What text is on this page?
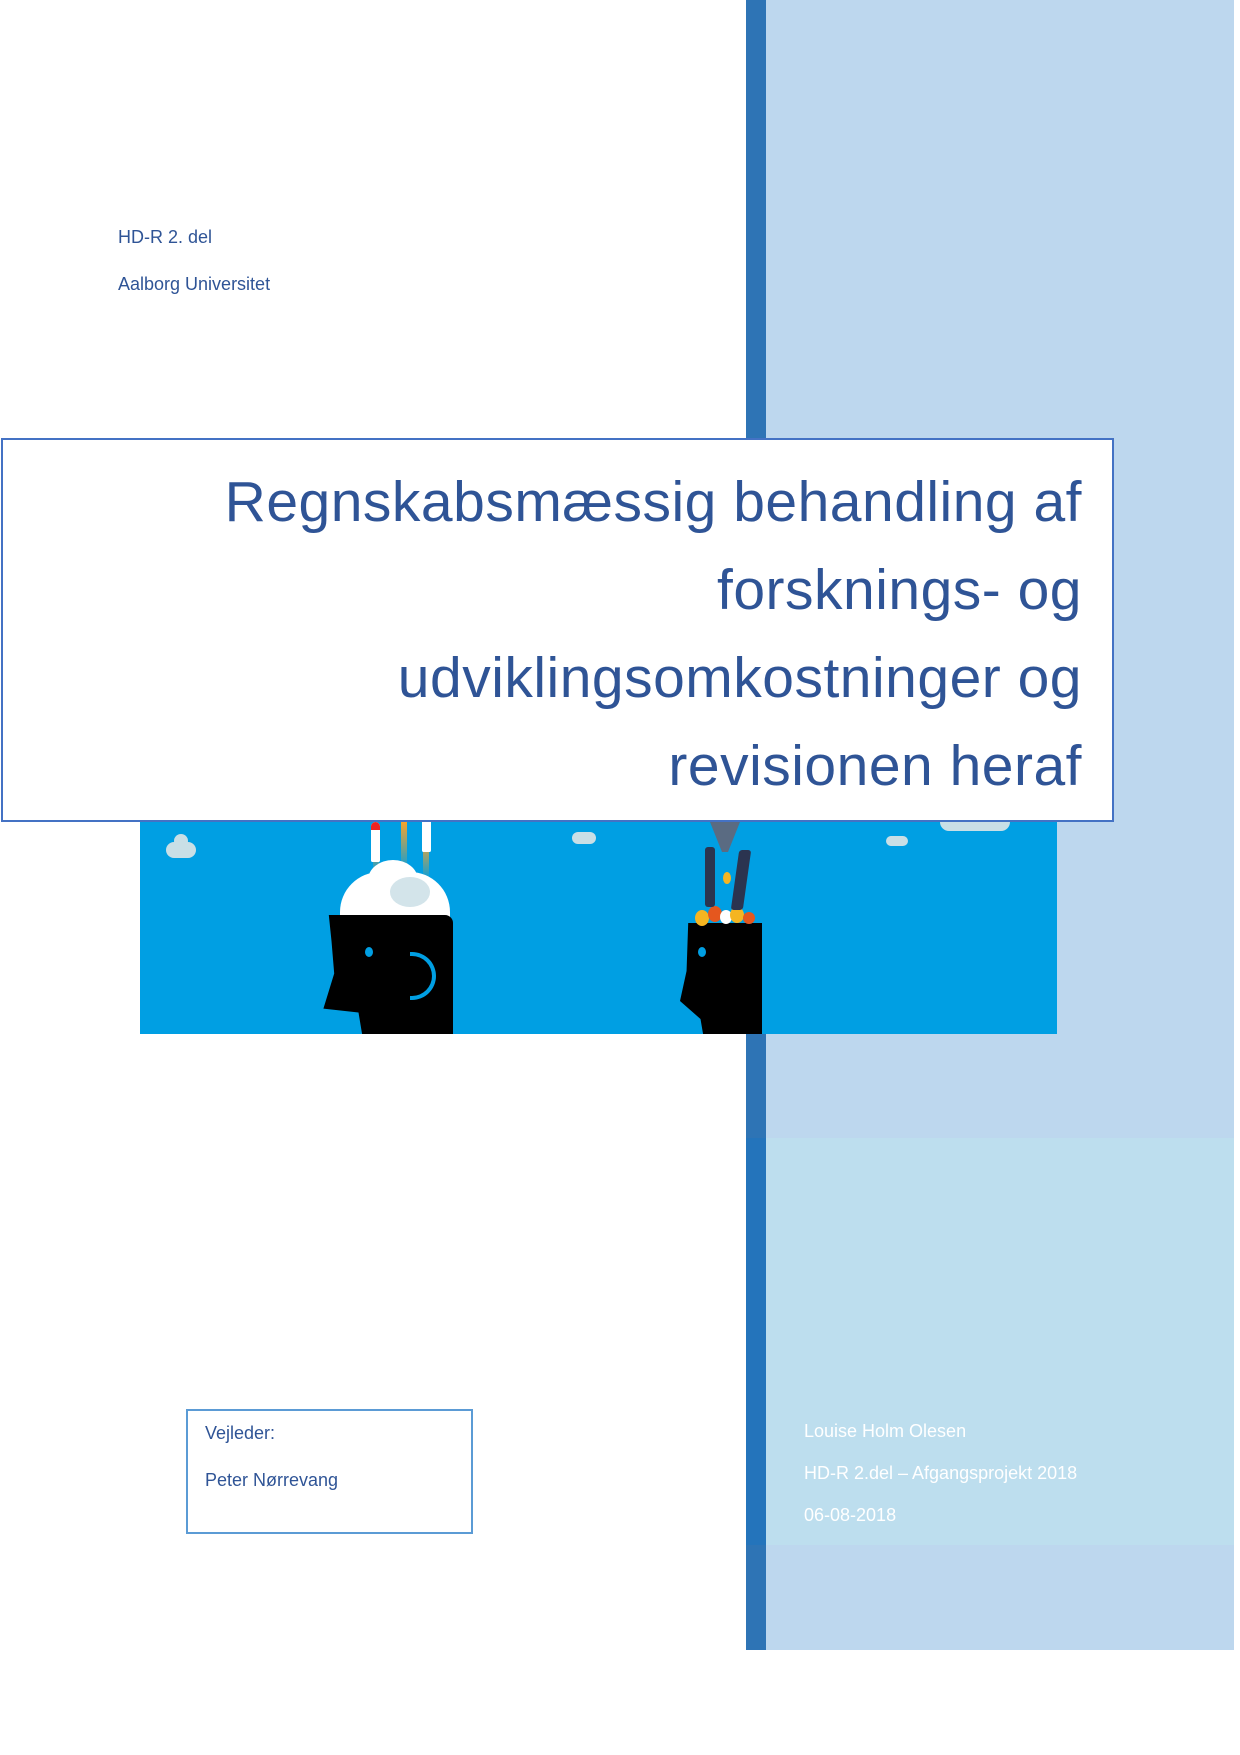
HD-R 2. del
Aalborg Universitet
Regnskabsmæssig behandling af
forsknings- og
udviklingsomkostninger og
revisionen heraf
Vejleder:
Peter Nørrevang
Louise Holm Olesen
HD-R 2.del – Afgangsprojekt 2018
06-08-2018
